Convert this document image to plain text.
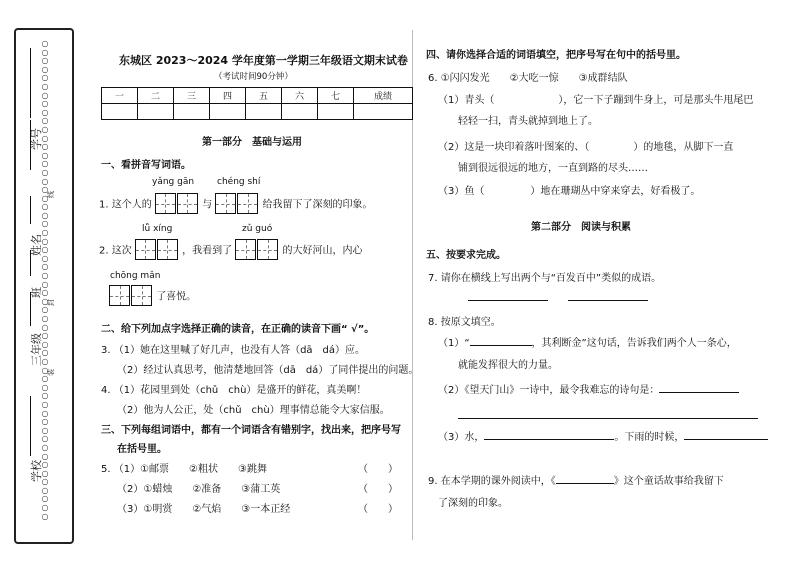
○
○
○
○
○
○
○
○
○
○
○
○
○
○
○
○
○
○
○
○
○
○
○
○
○
○
○
○
○
○
○
○
○
○
○
○
○
○
○
○
○
○
○
○
○
○
○
○
○
○
○
○
○
○
○
○
学校
三年级
班
姓名
学号
装
封
线
东城区 2023～2024 学年度第一学期三年级语文期末试卷
（考试时间90分钟）
一	二	三	四	五	六	七	成绩

第一部分　基础与运用
一、看拼音写词语。
yǎng gān	chéng shí
1. 这个人的	与	给我留下了深刻的印象。
lǚ xíng	zǔ guó
2. 这次	，我看到了	的大好河山，内心
chōng mǎn
了喜悦。
二、给下列加点字选择正确的读音，在正确的读音下画“ √”。
3. （1）她在这里喊了好几声，也没有人答（dā　dá）应。
（2）经过认真思考，他清楚地回答（dā　dá）了同伴提出的问题。
4. （1）花园里到处（chǔ　chù）是盛开的鲜花，真美啊！
（2）他为人公正，处（chǔ　chù）理事情总能令大家信服。
三、下列每组词语中，都有一个词语含有错别字，找出来，把序号写
在括号里。
5. （1）①邮票　　②粗状　　③跳舞
（2）①蜡烛　　②准备　　③蒲工英
（3）①明赏　　②气焰　　③一本正经
（　　）
（　　）
（　　）
四、请你选择合适的词语填空，把序号写在句中的括号里。
6. ①闪闪发光　　②大吃一惊　　③成群结队
（1）青头（	），它一下子蹦到牛身上，可是那头牛甩尾巴
轻轻一扫，青头就掉到地上了。
（2）这是一块印着落叶图案的、（	）的地毯，从脚下一直
铺到很远很远的地方，一直到路的尽头……
（3）鱼（	）地在珊瑚丛中穿来穿去，好看极了。
第二部分　阅读与积累
五、按要求完成。
7. 请你在横线上写出两个与“百发百中”类似的成语。
8. 按原文填空。
（1）“	，其利断金”这句话，告诉我们两个人一条心，
就能发挥很大的力量。
（2）《望天门山》一诗中，最令我难忘的诗句是：
（3）水，	。下雨的时候，
9. 在本学期的课外阅读中，《	》这个童话故事给我留下
了深刻的印象。
